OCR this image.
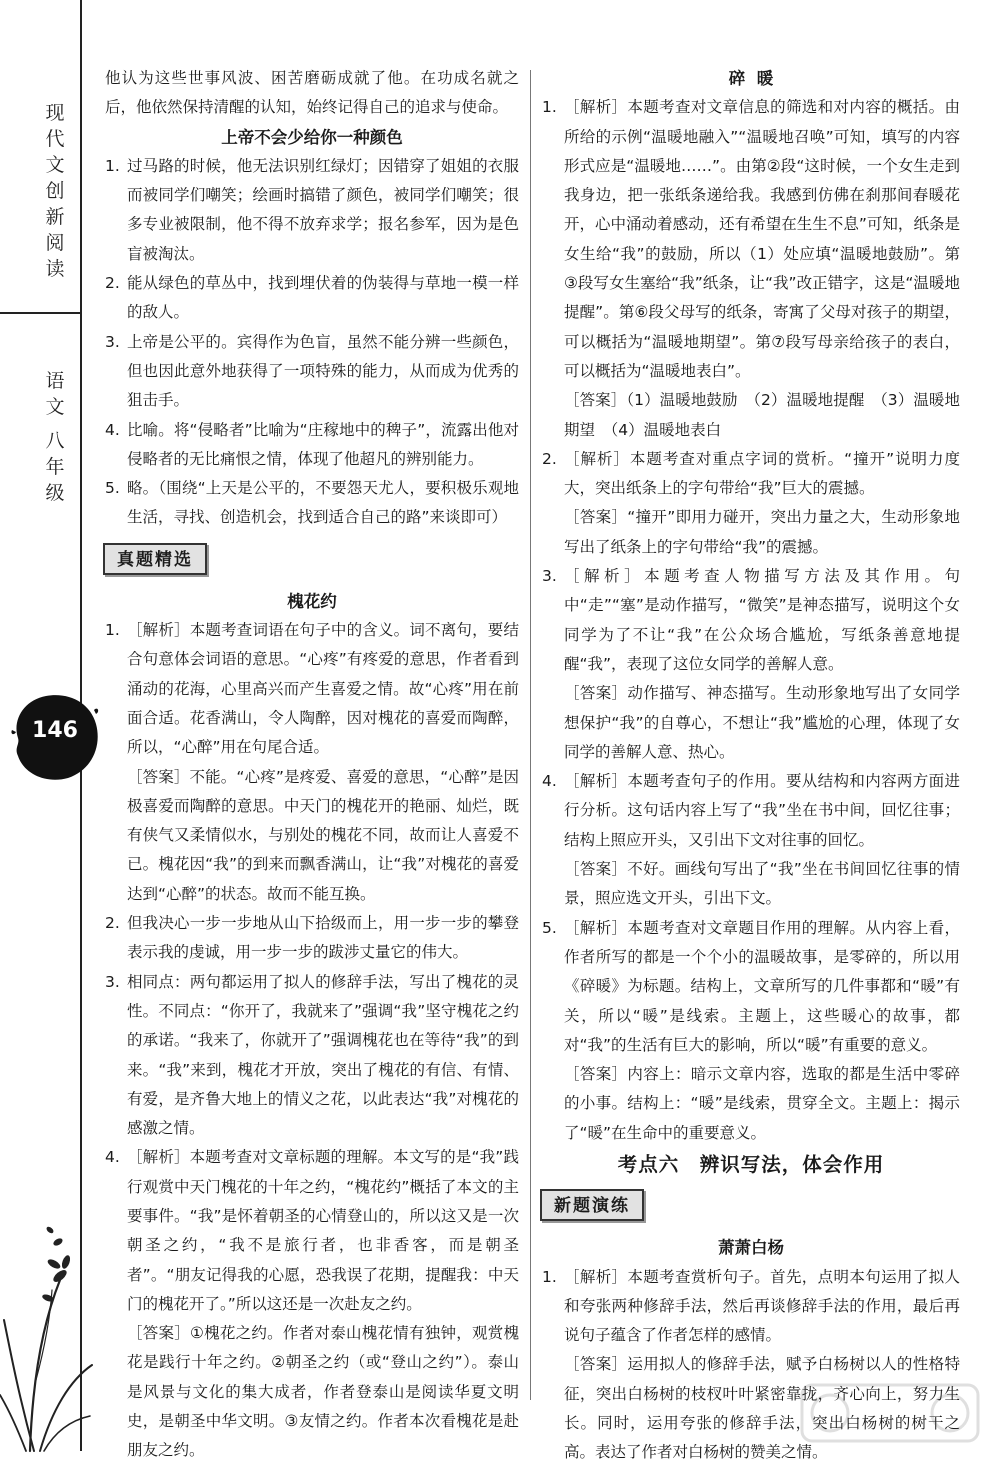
现
代
文
创
新
阅
读
语
文
八
年
级
146

他认为这些世事风波、困苦磨砺成就了他。在功成名就之后，他依然保持清醒的认知，始终记得自己的追求与使命。

上帝不会少给你一种颜色
1. 过马路的时候，他无法识别红绿灯；因错穿了姐姐的衣服而被同学们嘲笑；绘画时搞错了颜色，被同学们嘲笑；很多专业被限制，他不得不放弃求学；报名参军，因为是色盲被淘汰。
2. 能从绿色的草丛中，找到埋伏着的伪装得与草地一模一样的敌人。
3. 上帝是公平的。宾得作为色盲，虽然不能分辨一些颜色，但也因此意外地获得了一项特殊的能力，从而成为优秀的狙击手。
4. 比喻。将“侵略者”比喻为“庄稼地中的稗子”，流露出他对侵略者的无比痛恨之情，体现了他超凡的辨别能力。
5. 略。（围绕“上天是公平的，不要怨天尤人，要积极乐观地生活，寻找、创造机会，找到适合自己的路”来谈即可）
真题精选
槐花约
1. ［解析］本题考查词语在句子中的含义。词不离句，要结合句意体会词语的意思。“心疼”有疼爱的意思，作者看到涌动的花海，心里高兴而产生喜爱之情。故“心疼”用在前面合适。花香满山，令人陶醉，因对槐花的喜爱而陶醉，所以，“心醉”用在句尾合适。
［答案］不能。“心疼”是疼爱、喜爱的意思，“心醉”是因极喜爱而陶醉的意思。中天门的槐花开的艳丽、灿烂，既有侠气又柔情似水，与别处的槐花不同，故而让人喜爱不已。槐花因“我”的到来而飘香满山，让“我”对槐花的喜爱达到“心醉”的状态。故而不能互换。
2. 但我决心一步一步地从山下拾级而上，用一步一步的攀登表示我的虔诚，用一步一步的跋涉丈量它的伟大。
3. 相同点：两句都运用了拟人的修辞手法，写出了槐花的灵性。不同点：“你开了，我就来了”强调“我”坚守槐花之约的承诺。“我来了，你就开了”强调槐花也在等待“我”的到来。“我”来到，槐花才开放，突出了槐花的有信、有情、有爱，是齐鲁大地上的情义之花，以此表达“我”对槐花的感激之情。
4. ［解析］本题考查对文章标题的理解。本文写的是“我”践行观赏中天门槐花的十年之约，“槐花约”概括了本文的主要事件。“我”是怀着朝圣的心情登山的，所以这又是一次朝圣之约，“我不是旅行者，也非香客，而是朝圣者”。“朋友记得我的心愿，恐我误了花期，提醒我：中天门的槐花开了。”所以这还是一次赴友之约。
［答案］①槐花之约。作者对泰山槐花情有独钟，观赏槐花是践行十年之约。②朝圣之约（或“登山之约”）。泰山是风景与文化的集大成者，作者登泰山是阅读华夏文明史，是朝圣中华文明。③友情之约。作者本次看槐花是赴朋友之约。
碎  暖
1. ［解析］本题考查对文章信息的筛选和对内容的概括。由所给的示例“温暖地融入”“温暖地召唤”可知，填写的内容形式应是“温暖地……”。由第②段“这时候，一个女生走到我身边，把一张纸条递给我。我感到仿佛在刹那间春暖花开，心中涌动着感动，还有希望在生生不息”可知，纸条是女生给“我”的鼓励，所以（1）处应填“温暖地鼓励”。第③段写女生塞给“我”纸条，让“我”改正错字，这是“温暖地提醒”。第⑥段父母写的纸条，寄寓了父母对孩子的期望，可以概括为“温暖地期望”。第⑦段写母亲给孩子的表白，可以概括为“温暖地表白”。
［答案］（1）温暖地鼓励　（2）温暖地提醒　（3）温暖地期望　（4）温暖地表白
2. ［解析］本题考查对重点字词的赏析。“撞开”说明力度大，突出纸条上的字句带给“我”巨大的震撼。
［答案］“撞开”即用力碰开，突出力量之大，生动形象地写出了纸条上的字句带给“我”的震撼。
3. ［解析］本题考查人物描写方法及其作用。句中“走”“塞”是动作描写，“微笑”是神态描写，说明这个女同学为了不让“我”在公众场合尴尬，写纸条善意地提醒“我”，表现了这位女同学的善解人意。
［答案］动作描写、神态描写。生动形象地写出了女同学想保护“我”的自尊心，不想让“我”尴尬的心理，体现了女同学的善解人意、热心。
4. ［解析］本题考查句子的作用。要从结构和内容两方面进行分析。这句话内容上写了“我”坐在书中间，回忆往事；结构上照应开头，又引出下文对往事的回忆。
［答案］不好。画线句写出了“我”坐在书间回忆往事的情景，照应选文开头，引出下文。
5. ［解析］本题考查对文章题目作用的理解。从内容上看，作者所写的都是一个个小的温暖故事，是零碎的，所以用《碎暖》为标题。结构上，文章所写的几件事都和“暖”有关，所以“暖”是线索。主题上，这些暖心的故事，都对“我”的生活有巨大的影响，所以“暖”有重要的意义。
［答案］内容上：暗示文章内容，选取的都是生活中零碎的小事。结构上：“暖”是线索，贯穿全文。主题上：揭示了“暖”在生命中的重要意义。
考点六　辨识写法，体会作用
新题演练
萧萧白杨
1. ［解析］本题考查赏析句子。首先，点明本句运用了拟人和夸张两种修辞手法，然后再谈修辞手法的作用，最后再说句子蕴含了作者怎样的感情。
［答案］运用拟人的修辞手法，赋予白杨树以人的性格特征，突出白杨树的枝杈叶叶紧密靠拢，齐心向上，努力生长。同时，运用夸张的修辞手法，突出白杨树的树干之高。表达了作者对白杨树的赞美之情。
